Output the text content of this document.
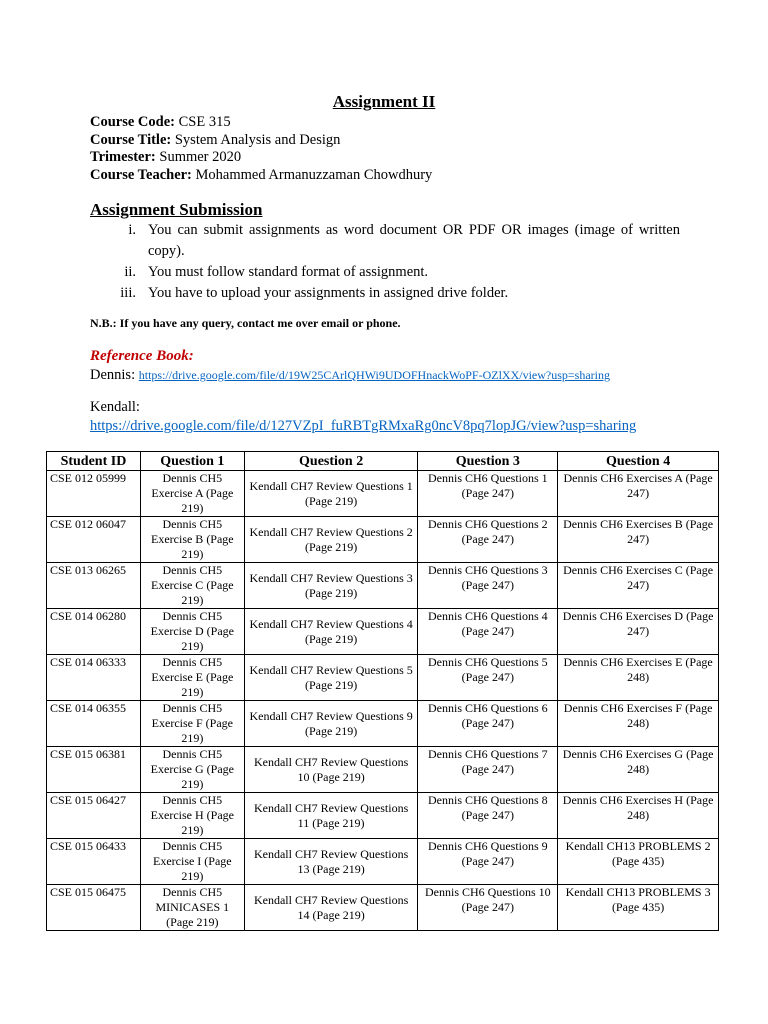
Assignment II
Course Code: CSE 315
Course Title: System Analysis and Design
Trimester: Summer 2020
Course Teacher: Mohammed Armanuzzaman Chowdhury
Assignment Submission
i. You can submit assignments as word document OR PDF OR images (image of written copy).
ii. You must follow standard format of assignment.
iii. You have to upload your assignments in assigned drive folder.
N.B.: If you have any query, contact me over email or phone.
Reference Book:
Dennis: https://drive.google.com/file/d/19W25CArlQHWi9UDOFHnackWoPF-OZlXX/view?usp=sharing
Kendall:
https://drive.google.com/file/d/127VZpI_fuRBTgRMxaRg0ncV8pq7lopJG/view?usp=sharing
Student ID	Question 1	Question 2	Question 3	Question 4
CSE 012 05999	Dennis CH5 Exercise A (Page 219)	Kendall CH7 Review Questions 1 (Page 219)	Dennis CH6 Questions 1 (Page 247)	Dennis CH6 Exercises A (Page 247)
CSE 012 06047	Dennis CH5 Exercise B (Page 219)	Kendall CH7 Review Questions 2 (Page 219)	Dennis CH6 Questions 2 (Page 247)	Dennis CH6 Exercises B (Page 247)
CSE 013 06265	Dennis CH5 Exercise C (Page 219)	Kendall CH7 Review Questions 3 (Page 219)	Dennis CH6 Questions 3 (Page 247)	Dennis CH6 Exercises C (Page 247)
CSE 014 06280	Dennis CH5 Exercise D (Page 219)	Kendall CH7 Review Questions 4 (Page 219)	Dennis CH6 Questions 4 (Page 247)	Dennis CH6 Exercises D (Page 247)
CSE 014 06333	Dennis CH5 Exercise E (Page 219)	Kendall CH7 Review Questions 5 (Page 219)	Dennis CH6 Questions 5 (Page 247)	Dennis CH6 Exercises E (Page 248)
CSE 014 06355	Dennis CH5 Exercise F (Page 219)	Kendall CH7 Review Questions 9 (Page 219)	Dennis CH6 Questions 6 (Page 247)	Dennis CH6 Exercises F (Page 248)
CSE 015 06381	Dennis CH5 Exercise G (Page 219)	Kendall CH7 Review Questions 10 (Page 219)	Dennis CH6 Questions 7 (Page 247)	Dennis CH6 Exercises G (Page 248)
CSE 015 06427	Dennis CH5 Exercise H (Page 219)	Kendall CH7 Review Questions 11 (Page 219)	Dennis CH6 Questions 8 (Page 247)	Dennis CH6 Exercises H (Page 248)
CSE 015 06433	Dennis CH5 Exercise I (Page 219)	Kendall CH7 Review Questions 13 (Page 219)	Dennis CH6 Questions 9 (Page 247)	Kendall CH13 PROBLEMS 2 (Page 435)
CSE 015 06475	Dennis CH5 MINICASES 1 (Page 219)	Kendall CH7 Review Questions 14 (Page 219)	Dennis CH6 Questions 10 (Page 247)	Kendall CH13 PROBLEMS 3 (Page 435)
